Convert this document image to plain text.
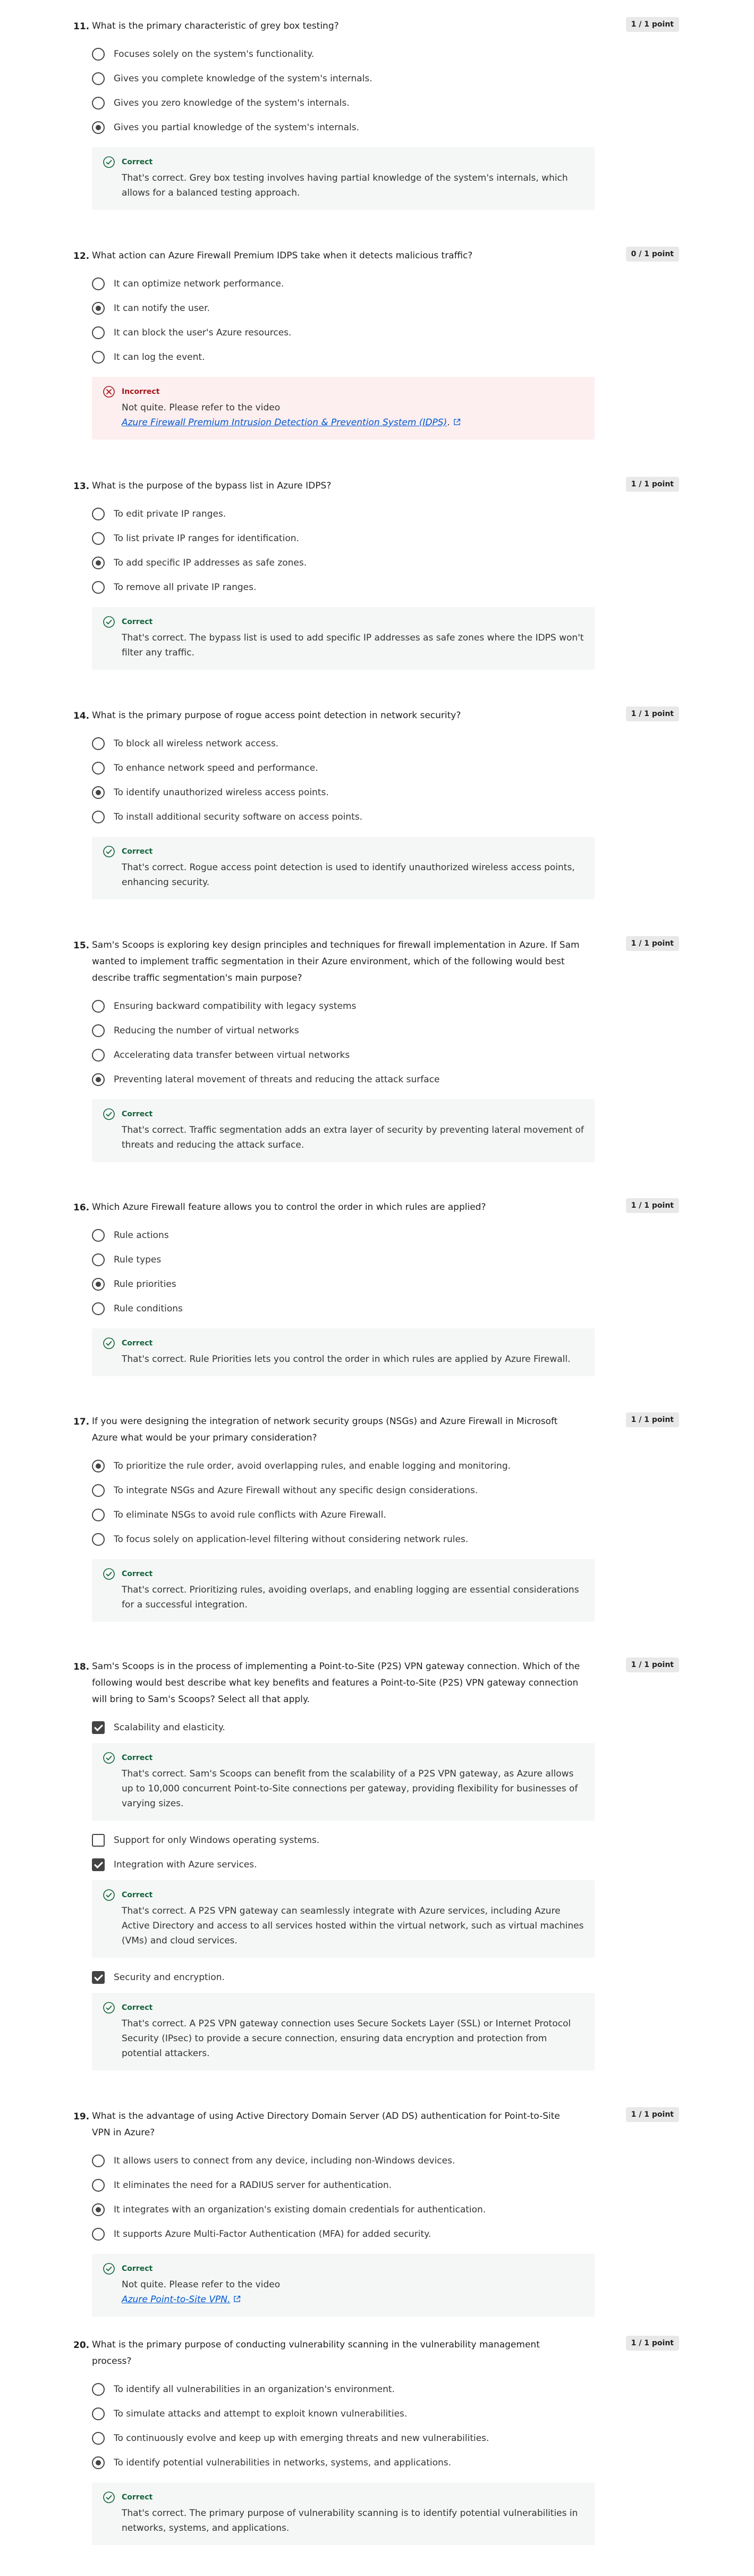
11. What is the primary characteristic of grey box testing?	1 / 1 point
Focuses solely on the system's functionality.
Gives you complete knowledge of the system's internals.
Gives you zero knowledge of the system's internals.
Gives you partial knowledge of the system's internals.
Correct
That's correct. Grey box testing involves having partial knowledge of the system's internals, which allows for a balanced testing approach.
12. What action can Azure Firewall Premium IDPS take when it detects malicious traffic?	0 / 1 point
It can optimize network performance.
It can notify the user.
It can block the user's Azure resources.
It can log the event.
Incorrect
Not quite. Please refer to the video
Azure Firewall Premium Intrusion Detection & Prevention System (IDPS).
13. What is the purpose of the bypass list in Azure IDPS?	1 / 1 point
To edit private IP ranges.
To list private IP ranges for identification.
To add specific IP addresses as safe zones.
To remove all private IP ranges.
Correct
That's correct. The bypass list is used to add specific IP addresses as safe zones where the IDPS won't filter any traffic.
14. What is the primary purpose of rogue access point detection in network security?	1 / 1 point
To block all wireless network access.
To enhance network speed and performance.
To identify unauthorized wireless access points.
To install additional security software on access points.
Correct
That's correct. Rogue access point detection is used to identify unauthorized wireless access points, enhancing security.
15. Sam's Scoops is exploring key design principles and techniques for firewall implementation in Azure. If Sam wanted to implement traffic segmentation in their Azure environment, which of the following would best describe traffic segmentation's main purpose?
1 / 1 point
Ensuring backward compatibility with legacy systems
Reducing the number of virtual networks
Accelerating data transfer between virtual networks
Preventing lateral movement of threats and reducing the attack surface
Correct
That's correct. Traffic segmentation adds an extra layer of security by preventing lateral movement of threats and reducing the attack surface.
16. Which Azure Firewall feature allows you to control the order in which rules are applied?	1 / 1 point
Rule actions
Rule types
Rule priorities
Rule conditions
Correct
That's correct. Rule Priorities lets you control the order in which rules are applied by Azure Firewall.
17. If you were designing the integration of network security groups (NSGs) and Azure Firewall in Microsoft Azure what would be your primary consideration?
1 / 1 point
To prioritize the rule order, avoid overlapping rules, and enable logging and monitoring.
To integrate NSGs and Azure Firewall without any specific design considerations.
To eliminate NSGs to avoid rule conflicts with Azure Firewall.
To focus solely on application-level filtering without considering network rules.
Correct
That's correct. Prioritizing rules, avoiding overlaps, and enabling logging are essential considerations for a successful integration.
18. Sam's Scoops is in the process of implementing a Point-to-Site (P2S) VPN gateway connection. Which of the following would best describe what key benefits and features a Point-to-Site (P2S) VPN gateway connection will bring to Sam's Scoops? Select all that apply.
1 / 1 point
Scalability and elasticity.
Correct
That's correct. Sam's Scoops can benefit from the scalability of a P2S VPN gateway, as Azure allows up to 10,000 concurrent Point-to-Site connections per gateway, providing flexibility for businesses of varying sizes.
Support for only Windows operating systems.
Integration with Azure services.
Correct
That's correct. A P2S VPN gateway can seamlessly integrate with Azure services, including Azure Active Directory and access to all services hosted within the virtual network, such as virtual machines (VMs) and cloud services.
Security and encryption.
Correct
That's correct. A P2S VPN gateway connection uses Secure Sockets Layer (SSL) or Internet Protocol Security (IPsec) to provide a secure connection, ensuring data encryption and protection from potential attackers.
19. What is the advantage of using Active Directory Domain Server (AD DS) authentication for Point-to-Site VPN in Azure?
1 / 1 point
It allows users to connect from any device, including non-Windows devices.
It eliminates the need for a RADIUS server for authentication.
It integrates with an organization's existing domain credentials for authentication.
It supports Azure Multi-Factor Authentication (MFA) for added security.
Correct
Not quite. Please refer to the video
Azure Point-to-Site VPN.
20. What is the primary purpose of conducting vulnerability scanning in the vulnerability management process?
1 / 1 point
To identify all vulnerabilities in an organization's environment.
To simulate attacks and attempt to exploit known vulnerabilities.
To continuously evolve and keep up with emerging threats and new vulnerabilities.
To identify potential vulnerabilities in networks, systems, and applications.
Correct
That's correct. The primary purpose of vulnerability scanning is to identify potential vulnerabilities in networks, systems, and applications.
